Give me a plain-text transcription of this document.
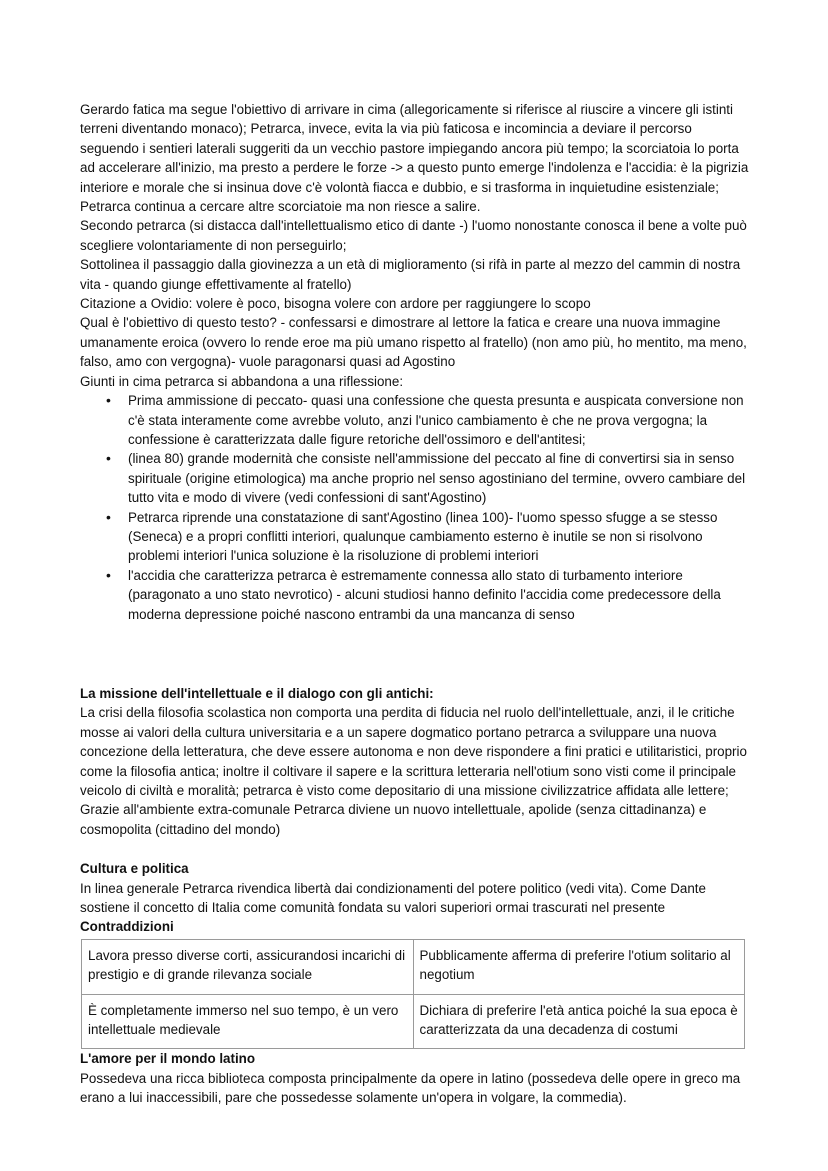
Gerardo fatica ma segue l'obiettivo di arrivare in cima (allegoricamente si riferisce al riuscire a vincere gli istinti terreni diventando monaco); Petrarca, invece, evita la via più faticosa e incomincia a deviare il percorso seguendo i sentieri laterali suggeriti da un vecchio pastore impiegando ancora più tempo; la scorciatoia lo porta ad accelerare all'inizio, ma presto a perdere le forze -> a questo punto emerge l'indolenza e l'accidia: è la pigrizia interiore e morale che si insinua dove c'è volontà fiacca e dubbio, e si trasforma in inquietudine esistenziale; Petrarca continua a cercare altre scorciatoie ma non riesce a salire.

Secondo petrarca (si distacca dall'intellettualismo etico di dante -) l'uomo nonostante conosca il bene a volte può scegliere volontariamente di non perseguirlo;

Sottolinea il passaggio dalla giovinezza a un età di miglioramento (si rifà in parte al mezzo del cammin di nostra vita - quando giunge effettivamente al fratello)

Citazione a Ovidio: volere è poco, bisogna volere con ardore per raggiungere lo scopo

Qual è l'obiettivo di questo testo? - confessarsi e dimostrare al lettore la fatica e creare una nuova immagine umanamente eroica (ovvero lo rende eroe ma più umano rispetto al fratello) (non amo più, ho mentito, ma meno, falso, amo con vergogna)- vuole paragonarsi quasi ad Agostino

Giunti in cima petrarca si abbandona a una riflessione:

• Prima ammissione di peccato- quasi una confessione che questa presunta e auspicata conversione non c'è stata interamente come avrebbe voluto, anzi l'unico cambiamento è che ne prova vergogna; la confessione è caratterizzata dalle figure retoriche dell'ossimoro e dell'antitesi;
• (linea 80) grande modernità che consiste nell'ammissione del peccato al fine di convertirsi sia in senso spirituale (origine etimologica) ma anche proprio nel senso agostiniano del termine, ovvero cambiare del tutto vita e modo di vivere (vedi confessioni di sant'Agostino)
• Petrarca riprende una constatazione di sant'Agostino (linea 100)- l'uomo spesso sfugge a se stesso (Seneca) e a propri conflitti interiori, qualunque cambiamento esterno è inutile se non si risolvono problemi interiori l'unica soluzione è la risoluzione di problemi interiori
• l'accidia che caratterizza petrarca è estremamente connessa allo stato di turbamento interiore (paragonato a uno stato nevrotico) - alcuni studiosi hanno definito l'accidia come predecessore della moderna depressione poiché nascono entrambi da una mancanza di senso

La missione dell'intellettuale e il dialogo con gli antichi:

La crisi della filosofia scolastica non comporta una perdita di fiducia nel ruolo dell'intellettuale, anzi, il le critiche mosse ai valori della cultura universitaria e a un sapere dogmatico portano petrarca a sviluppare una nuova concezione della letteratura, che deve essere autonoma e non deve rispondere a fini pratici e utilitaristici, proprio come la filosofia antica; inoltre il coltivare il sapere e la scrittura letteraria nell'otium sono visti come il principale veicolo di civiltà e moralità; petrarca è visto come depositario di una missione civilizzatrice affidata alle lettere;

Grazie all'ambiente extra-comunale Petrarca diviene un nuovo intellettuale, apolide (senza cittadinanza) e cosmopolita (cittadino del mondo)

Cultura e politica

In linea generale Petrarca rivendica libertà dai condizionamenti del potere politico (vedi vita). Come Dante sostiene il concetto di Italia come comunità fondata su valori superiori ormai trascurati nel presente

Contraddizioni

Lavora presso diverse corti, assicurandosi incarichi di prestigio e di grande rilevanza sociale	Pubblicamente afferma di preferire l'otium solitario al negotium
È completamente immerso nel suo tempo, è un vero intellettuale medievale	Dichiara di preferire l'età antica poiché la sua epoca è caratterizzata da una decadenza di costumi

L'amore per il mondo latino

Possedeva una ricca biblioteca composta principalmente da opere in latino (possedeva delle opere in greco ma erano a lui inaccessibili, pare che possedesse solamente un'opera in volgare, la commedia).
